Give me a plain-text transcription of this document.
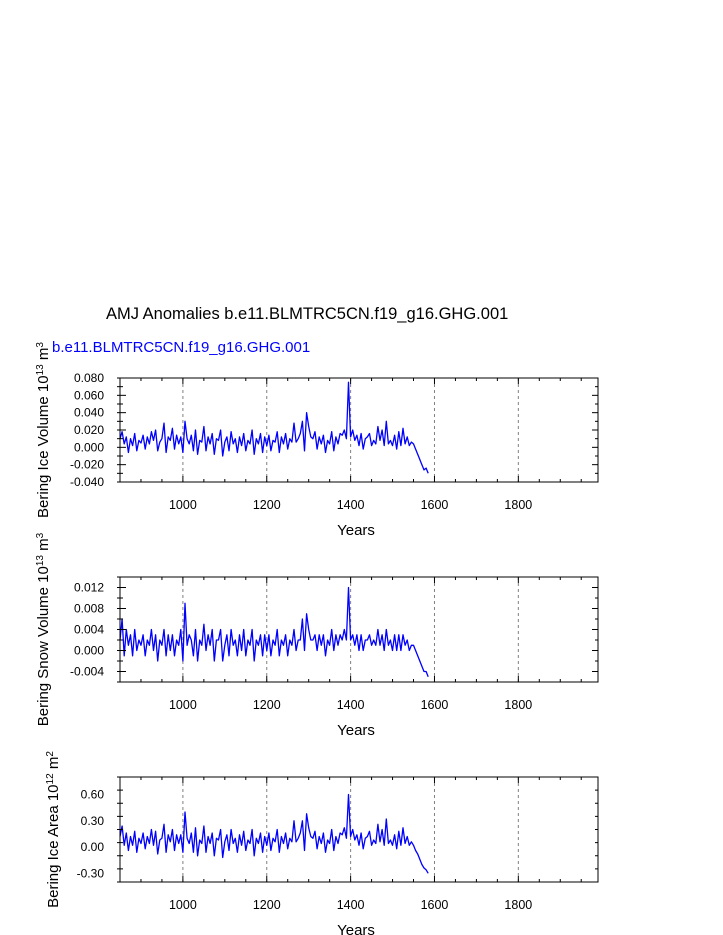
AMJ Anomalies b.e11.BLMTRC5CN.f19_g16.GHG.001
b.e11.BLMTRC5CN.f19_g16.GHG.001
1000	1200	1400	1600	1800
-0.040
-0.020
0.000
0.020
0.040
0.060
0.080
Years
Bering Ice Volume $10^{13}$ $m^3$
1000	1200	1400	1600	1800
-0.004
0.000
0.004
0.008
0.012
Years
Bering Snow Volume $10^{13}$ $m^3$
1000	1200	1400	1600	1800
-0.30
0.00
0.30
0.60
Years
Bering Ice Area $10^{12}$ $m^2$
